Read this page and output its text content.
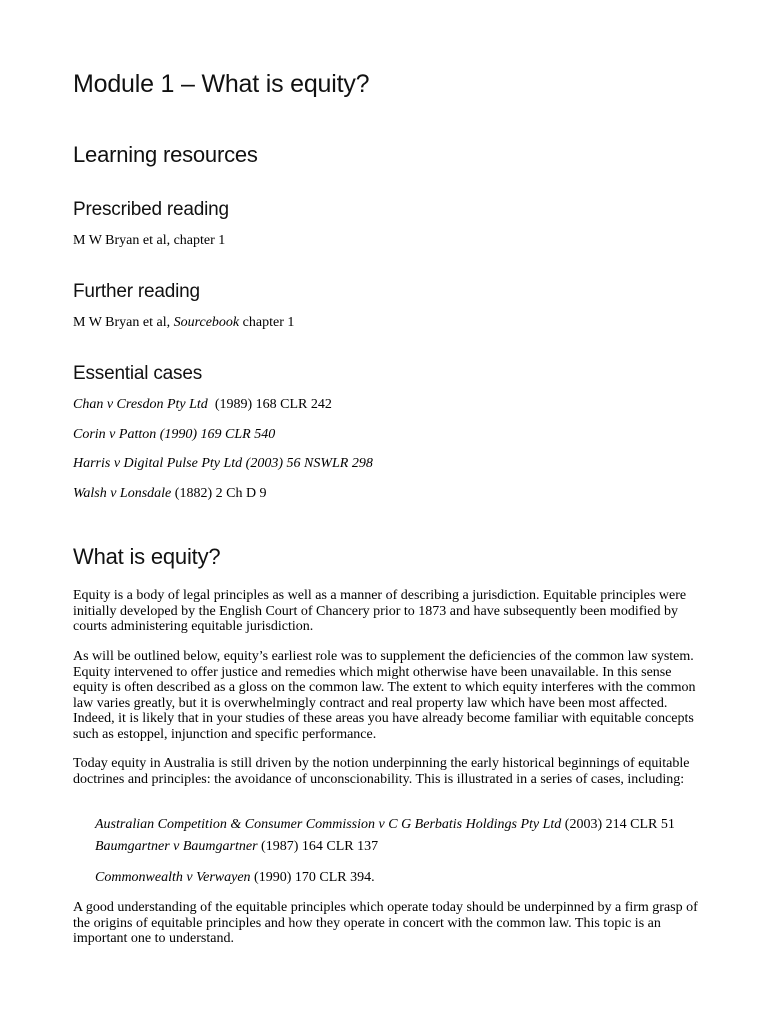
Module 1 – What is equity?
Learning resources
Prescribed reading

M W Bryan et al, chapter 1

Further reading

M W Bryan et al, Sourcebook chapter 1

Essential cases

Chan v Cresdon Pty Ltd  (1989) 168 CLR 242

Corin v Patton (1990) 169 CLR 540

Harris v Digital Pulse Pty Ltd (2003) 56 NSWLR 298

Walsh v Lonsdale (1882) 2 Ch D 9

What is equity?

Equity is a body of legal principles as well as a manner of describing a jurisdiction. Equitable principles were initially developed by the English Court of Chancery prior to 1873 and have subsequently been modified by courts administering equitable jurisdiction.

As will be outlined below, equity’s earliest role was to supplement the deficiencies of the common law system. Equity intervened to offer justice and remedies which might otherwise have been unavailable. In this sense equity is often described as a gloss on the common law. The extent to which equity interferes with the common law varies greatly, but it is overwhelmingly contract and real property law which have been most affected. Indeed, it is likely that in your studies of these areas you have already become familiar with equitable concepts such as estoppel, injunction and specific performance.

Today equity in Australia is still driven by the notion underpinning the early historical beginnings of equitable doctrines and principles: the avoidance of unconscionability. This is illustrated in a series of cases, including:

Australian Competition & Consumer Commission v C G Berbatis Holdings Pty Ltd (2003) 214 CLR 51

Baumgartner v Baumgartner (1987) 164 CLR 137

Commonwealth v Verwayen (1990) 170 CLR 394.

A good understanding of the equitable principles which operate today should be underpinned by a firm grasp of the origins of equitable principles and how they operate in concert with the common law. This topic is an important one to understand.
